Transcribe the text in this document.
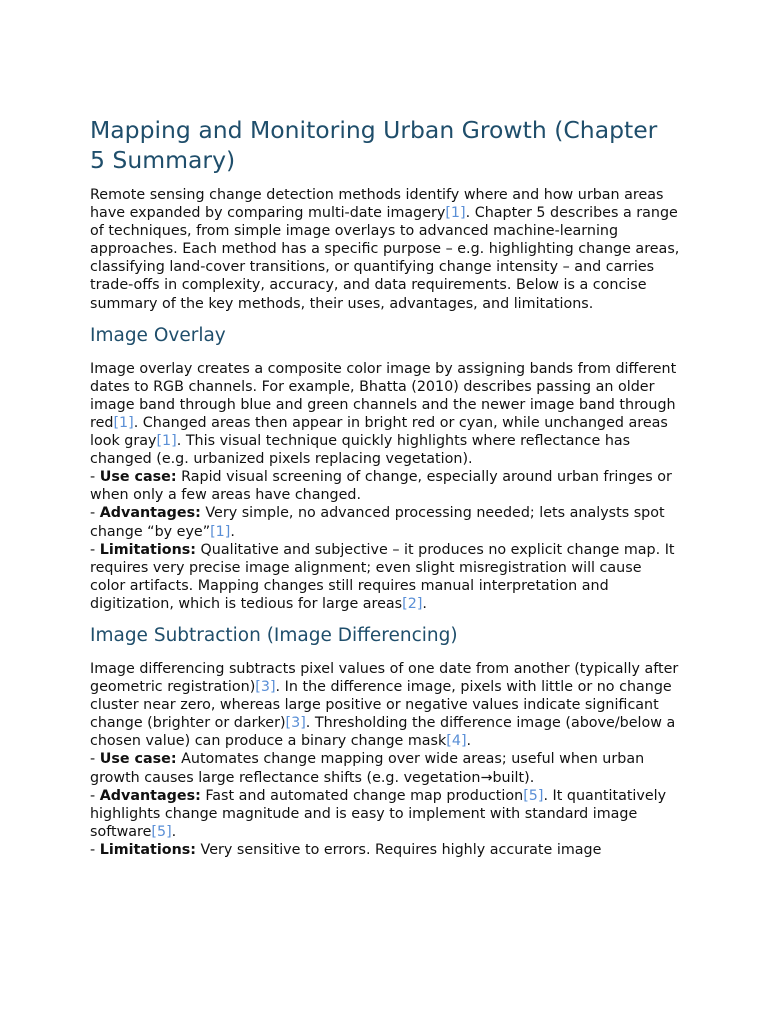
Mapping and Monitoring Urban Growth (Chapter 5 Summary)

Remote sensing change detection methods identify where and how urban areas have expanded by comparing multi-date imagery[1]. Chapter 5 describes a range of techniques, from simple image overlays to advanced machine-learning approaches. Each method has a specific purpose – e.g. highlighting change areas, classifying land-cover transitions, or quantifying change intensity – and carries trade-offs in complexity, accuracy, and data requirements. Below is a concise summary of the key methods, their uses, advantages, and limitations.

Image Overlay

Image overlay creates a composite color image by assigning bands from different dates to RGB channels. For example, Bhatta (2010) describes passing an older image band through blue and green channels and the newer image band through red[1]. Changed areas then appear in bright red or cyan, while unchanged areas look gray[1]. This visual technique quickly highlights where reflectance has changed (e.g. urbanized pixels replacing vegetation).
- Use case: Rapid visual screening of change, especially around urban fringes or when only a few areas have changed.
- Advantages: Very simple, no advanced processing needed; lets analysts spot change “by eye”[1].
- Limitations: Qualitative and subjective – it produces no explicit change map. It requires very precise image alignment; even slight misregistration will cause color artifacts. Mapping changes still requires manual interpretation and digitization, which is tedious for large areas[2].

Image Subtraction (Image Differencing)

Image differencing subtracts pixel values of one date from another (typically after geometric registration)[3]. In the difference image, pixels with little or no change cluster near zero, whereas large positive or negative values indicate significant change (brighter or darker)[3]. Thresholding the difference image (above/below a chosen value) can produce a binary change mask[4].
- Use case: Automates change mapping over wide areas; useful when urban growth causes large reflectance shifts (e.g. vegetation→built).
- Advantages: Fast and automated change map production[5]. It quantitatively highlights change magnitude and is easy to implement with standard image software[5].
- Limitations: Very sensitive to errors. Requires highly accurate image
